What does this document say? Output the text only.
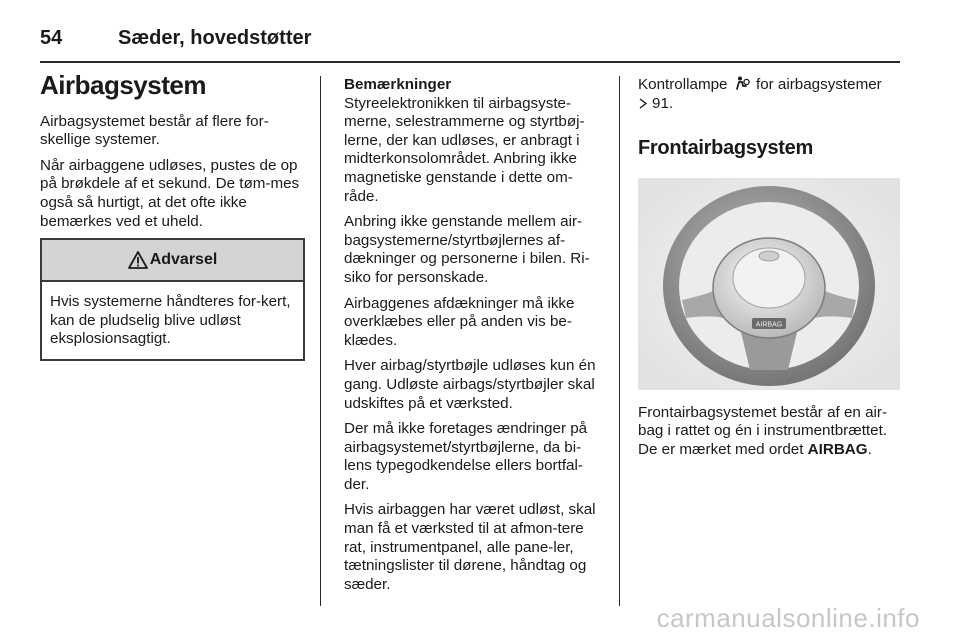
54	Sæder, hovedstøtter
Airbagsystem

Airbagsystemet består af flere for-skellige systemer.

Når airbaggene udløses, pustes de op på brøkdele af et sekund. De tøm-mes også så hurtigt, at det ofte ikke bemærkes ved et uheld.

Advarsel
Hvis systemerne håndteres for-kert, kan de pludselig blive udløst eksplosionsagtigt.

Bemærkninger
Styreelektronikken til airbagsyste-merne, selestrammerne og styrtbøj-lerne, der kan udløses, er anbragt i midterkonsolområdet. Anbring ikke magnetiske genstande i dette om-råde.

Anbring ikke genstande mellem air-bagsystemerne/styrtbøjlernes af-dækninger og personerne i bilen. Ri-siko for personskade.

Airbaggenes afdækninger må ikke overklæbes eller på anden vis be-klædes.

Hver airbag/styrtbøjle udløses kun én gang. Udløste airbags/styrtbøjler skal udskiftes på et værksted.

Der må ikke foretages ændringer på airbagsystemet/styrtbøjlerne, da bi-lens typegodkendelse ellers bortfal-der.

Hvis airbaggen har været udløst, skal man få et værksted til at afmon-tere rat, instrumentpanel, alle pane-ler, tætningslister til dørene, håndtag og sæder.

Kontrollampe for airbagsystemer
91.

Frontairbagsystem
AIRBAG

Frontairbagsystemet består af en air-bag i rattet og én i instrumentbrættet. De er mærket med ordet AIRBAG.

carmanualsonline.info
